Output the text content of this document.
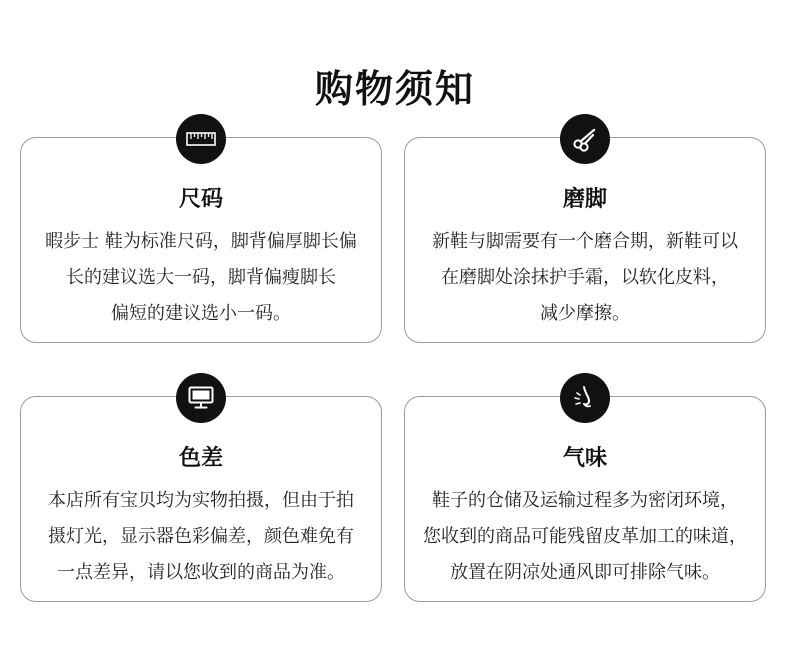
购物须知
尺码
暇步士 鞋为标准尺码，脚背偏厚脚长偏
长的建议选大一码，脚背偏瘦脚长
偏短的建议选小一码。
磨脚
新鞋与脚需要有一个磨合期，新鞋可以
在磨脚处涂抹护手霜，以软化皮料，
减少摩擦。
色差
本店所有宝贝均为实物拍摄，但由于拍
摄灯光，显示器色彩偏差，颜色难免有
一点差异，请以您收到的商品为准。
气味
鞋子的仓储及运输过程多为密闭环境，
您收到的商品可能残留皮革加工的味道，
放置在阴凉处通风即可排除气味。
